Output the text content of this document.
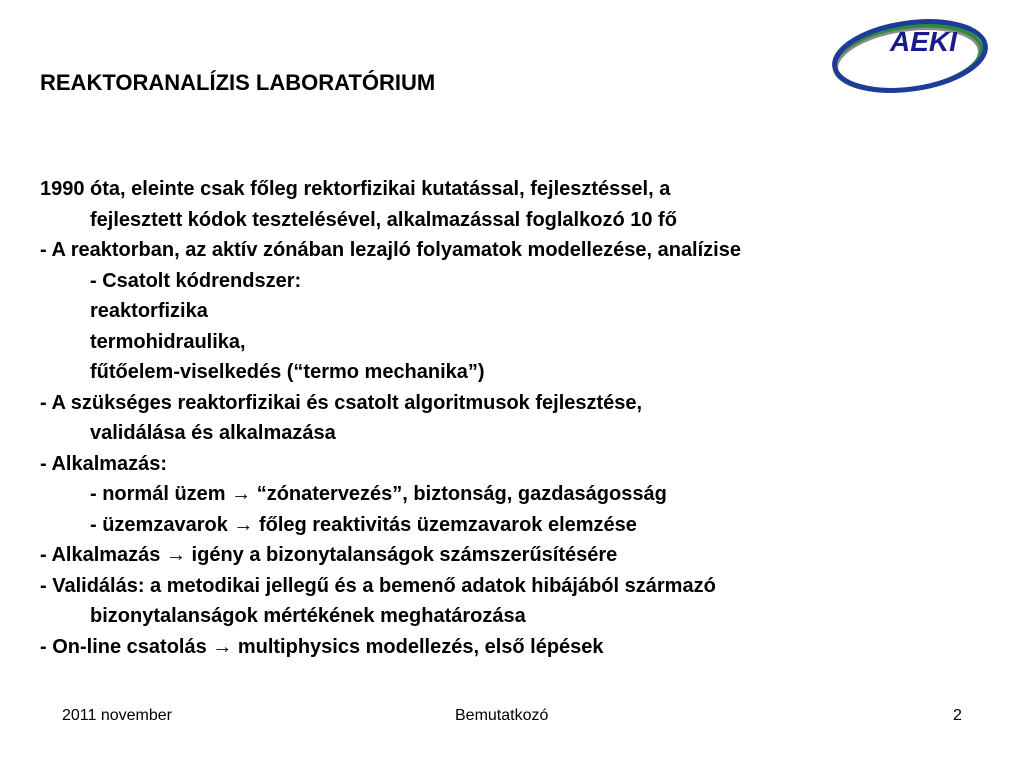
REAKTORANALÍZIS LABORATÓRIUM
AEKI
1990 óta, eleinte csak főleg rektorfizikai kutatással, fejlesztéssel, a
fejlesztett kódok tesztelésével, alkalmazással foglalkozó 10 fő
- A reaktorban, az aktív zónában lezajló folyamatok modellezése, analízise
- Csatolt kódrendszer:
reaktorfizika
termohidraulika,
fűtőelem-viselkedés (“termo mechanika”)
- A szükséges reaktorfizikai és csatolt algoritmusok fejlesztése,
validálása és alkalmazása
- Alkalmazás:
- normál üzem → “zónatervezés”, biztonság, gazdaságosság
- üzemzavarok → főleg reaktivitás üzemzavarok elemzése
- Alkalmazás → igény a bizonytalanságok számszerűsítésére
- Validálás: a metodikai jellegű és a bemenő adatok hibájából származó
bizonytalanságok mértékének meghatározása
- On-line csatolás → multiphysics modellezés, első lépések
2011 november	Bemutatkozó	2
